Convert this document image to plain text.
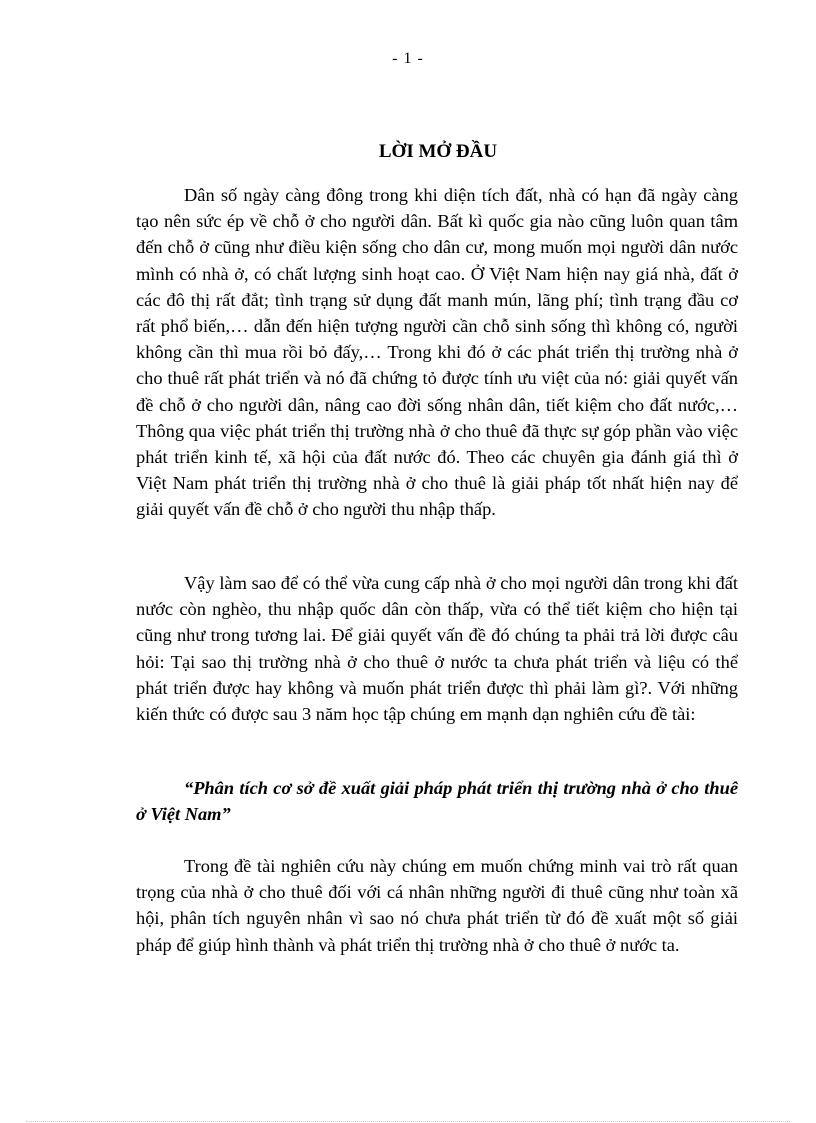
- 1 -
LỜI MỞ ĐẦU

Dân số ngày càng đông trong khi diện tích đất, nhà có hạn đã ngày càng tạo nên sức ép về chỗ ở cho người dân. Bất kì quốc gia nào cũng luôn quan tâm đến chỗ ở cũng như điều kiện sống cho dân cư, mong muốn mọi người dân nước mình có nhà ở, có chất lượng sinh hoạt cao. Ở Việt Nam hiện nay giá nhà, đất ở các đô thị rất đắt; tình trạng sử dụng đất manh mún, lãng phí; tình trạng đầu cơ rất phổ biến,… dẫn đến hiện tượng người cần chỗ sinh sống thì không có, người không cần thì mua rồi bỏ đấy,… Trong khi đó ở các phát triển thị trường nhà ở cho thuê rất phát triển và nó đã chứng tỏ được tính ưu việt của nó: giải quyết vấn đề chỗ ở cho người dân, nâng cao đời sống nhân dân, tiết kiệm cho đất nước,…Thông qua việc phát triển thị trường nhà ở cho thuê đã thực sự góp phần vào việc phát triển kinh tế, xã hội của đất nước đó. Theo các chuyên gia đánh giá thì ở Việt Nam phát triển thị trường nhà ở cho thuê là giải pháp tốt nhất hiện nay để giải quyết vấn đề chỗ ở cho người thu nhập thấp.

Vậy làm sao để có thể vừa cung cấp nhà ở cho mọi người dân trong khi đất nước còn nghèo, thu nhập quốc dân còn thấp, vừa có thể tiết kiệm cho hiện tại cũng như trong tương lai. Để giải quyết vấn đề đó chúng ta phải trả lời được câu hỏi: Tại sao thị trường nhà ở cho thuê ở nước ta chưa phát triển và liệu có thể phát triển được hay không và muốn phát triển được thì phải làm gì?. Với những kiến thức có được sau 3 năm học tập chúng em mạnh dạn nghiên cứu đề tài:

“Phân tích cơ sở đề xuất giải pháp phát triển thị trường nhà ở cho thuê ở Việt Nam”

Trong đề tài nghiên cứu này chúng em muốn chứng minh vai trò rất quan trọng của nhà ở cho thuê đối với cá nhân những người đi thuê cũng như toàn xã hội, phân tích nguyên nhân vì sao nó chưa phát triển từ đó đề xuất một số giải pháp để giúp hình thành và phát triển thị trường nhà ở cho thuê ở nước ta.
